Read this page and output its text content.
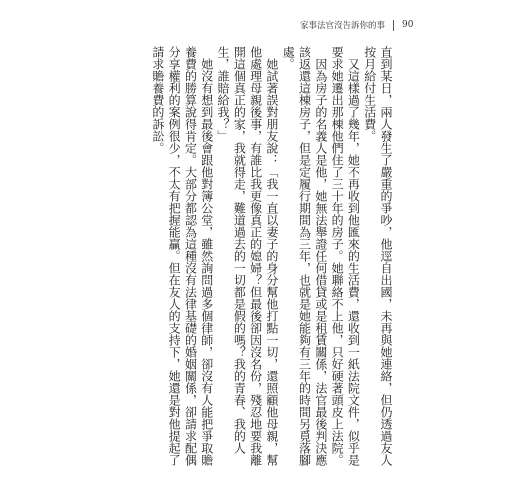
家事法官沒告訴你的事 90

直到某日，兩人發生了嚴重的爭吵，他逕自出國，未再與她連絡，但仍透過友人按月給付生活費。

又這樣過了幾年，她不再收到他匯來的生活費，還收到一紙法院文件，似乎是要求她遷出那棟他們住了三十年的房子。她聯絡不上他，只好硬著頭皮上法院。

因為房子的名義人是他，她無法舉證任何借貸或是租賃關係，法官最後判決應該返還這棟房子，但是定履行期間為三年，也就是她能夠有三年的時間另覓落腳處。

她試著誤對朋友說：「我一直以妻子的身分幫他打點一切，還照顧他母親，幫他處理母親後事，有誰比我更像真正的媳婦？但最後卻因沒名份，殘忍地要我離開這個真正的家，我就得走，難道過去的一切都是假的嗎？我的青春、我的人生，誰賠給我？」

她沒有想到最後會跟他對簿公堂，雖然詢問過多個律師，卻沒有人能把爭取贍養費的勝算說得肯定。大部分都認為這種沒有法律基礎的婚姻關係，卻請求配偶分享權利的案例很少，不太有把握能贏。但在友人的支持下，她還是對他提起了請求贍養費的訴訟。
